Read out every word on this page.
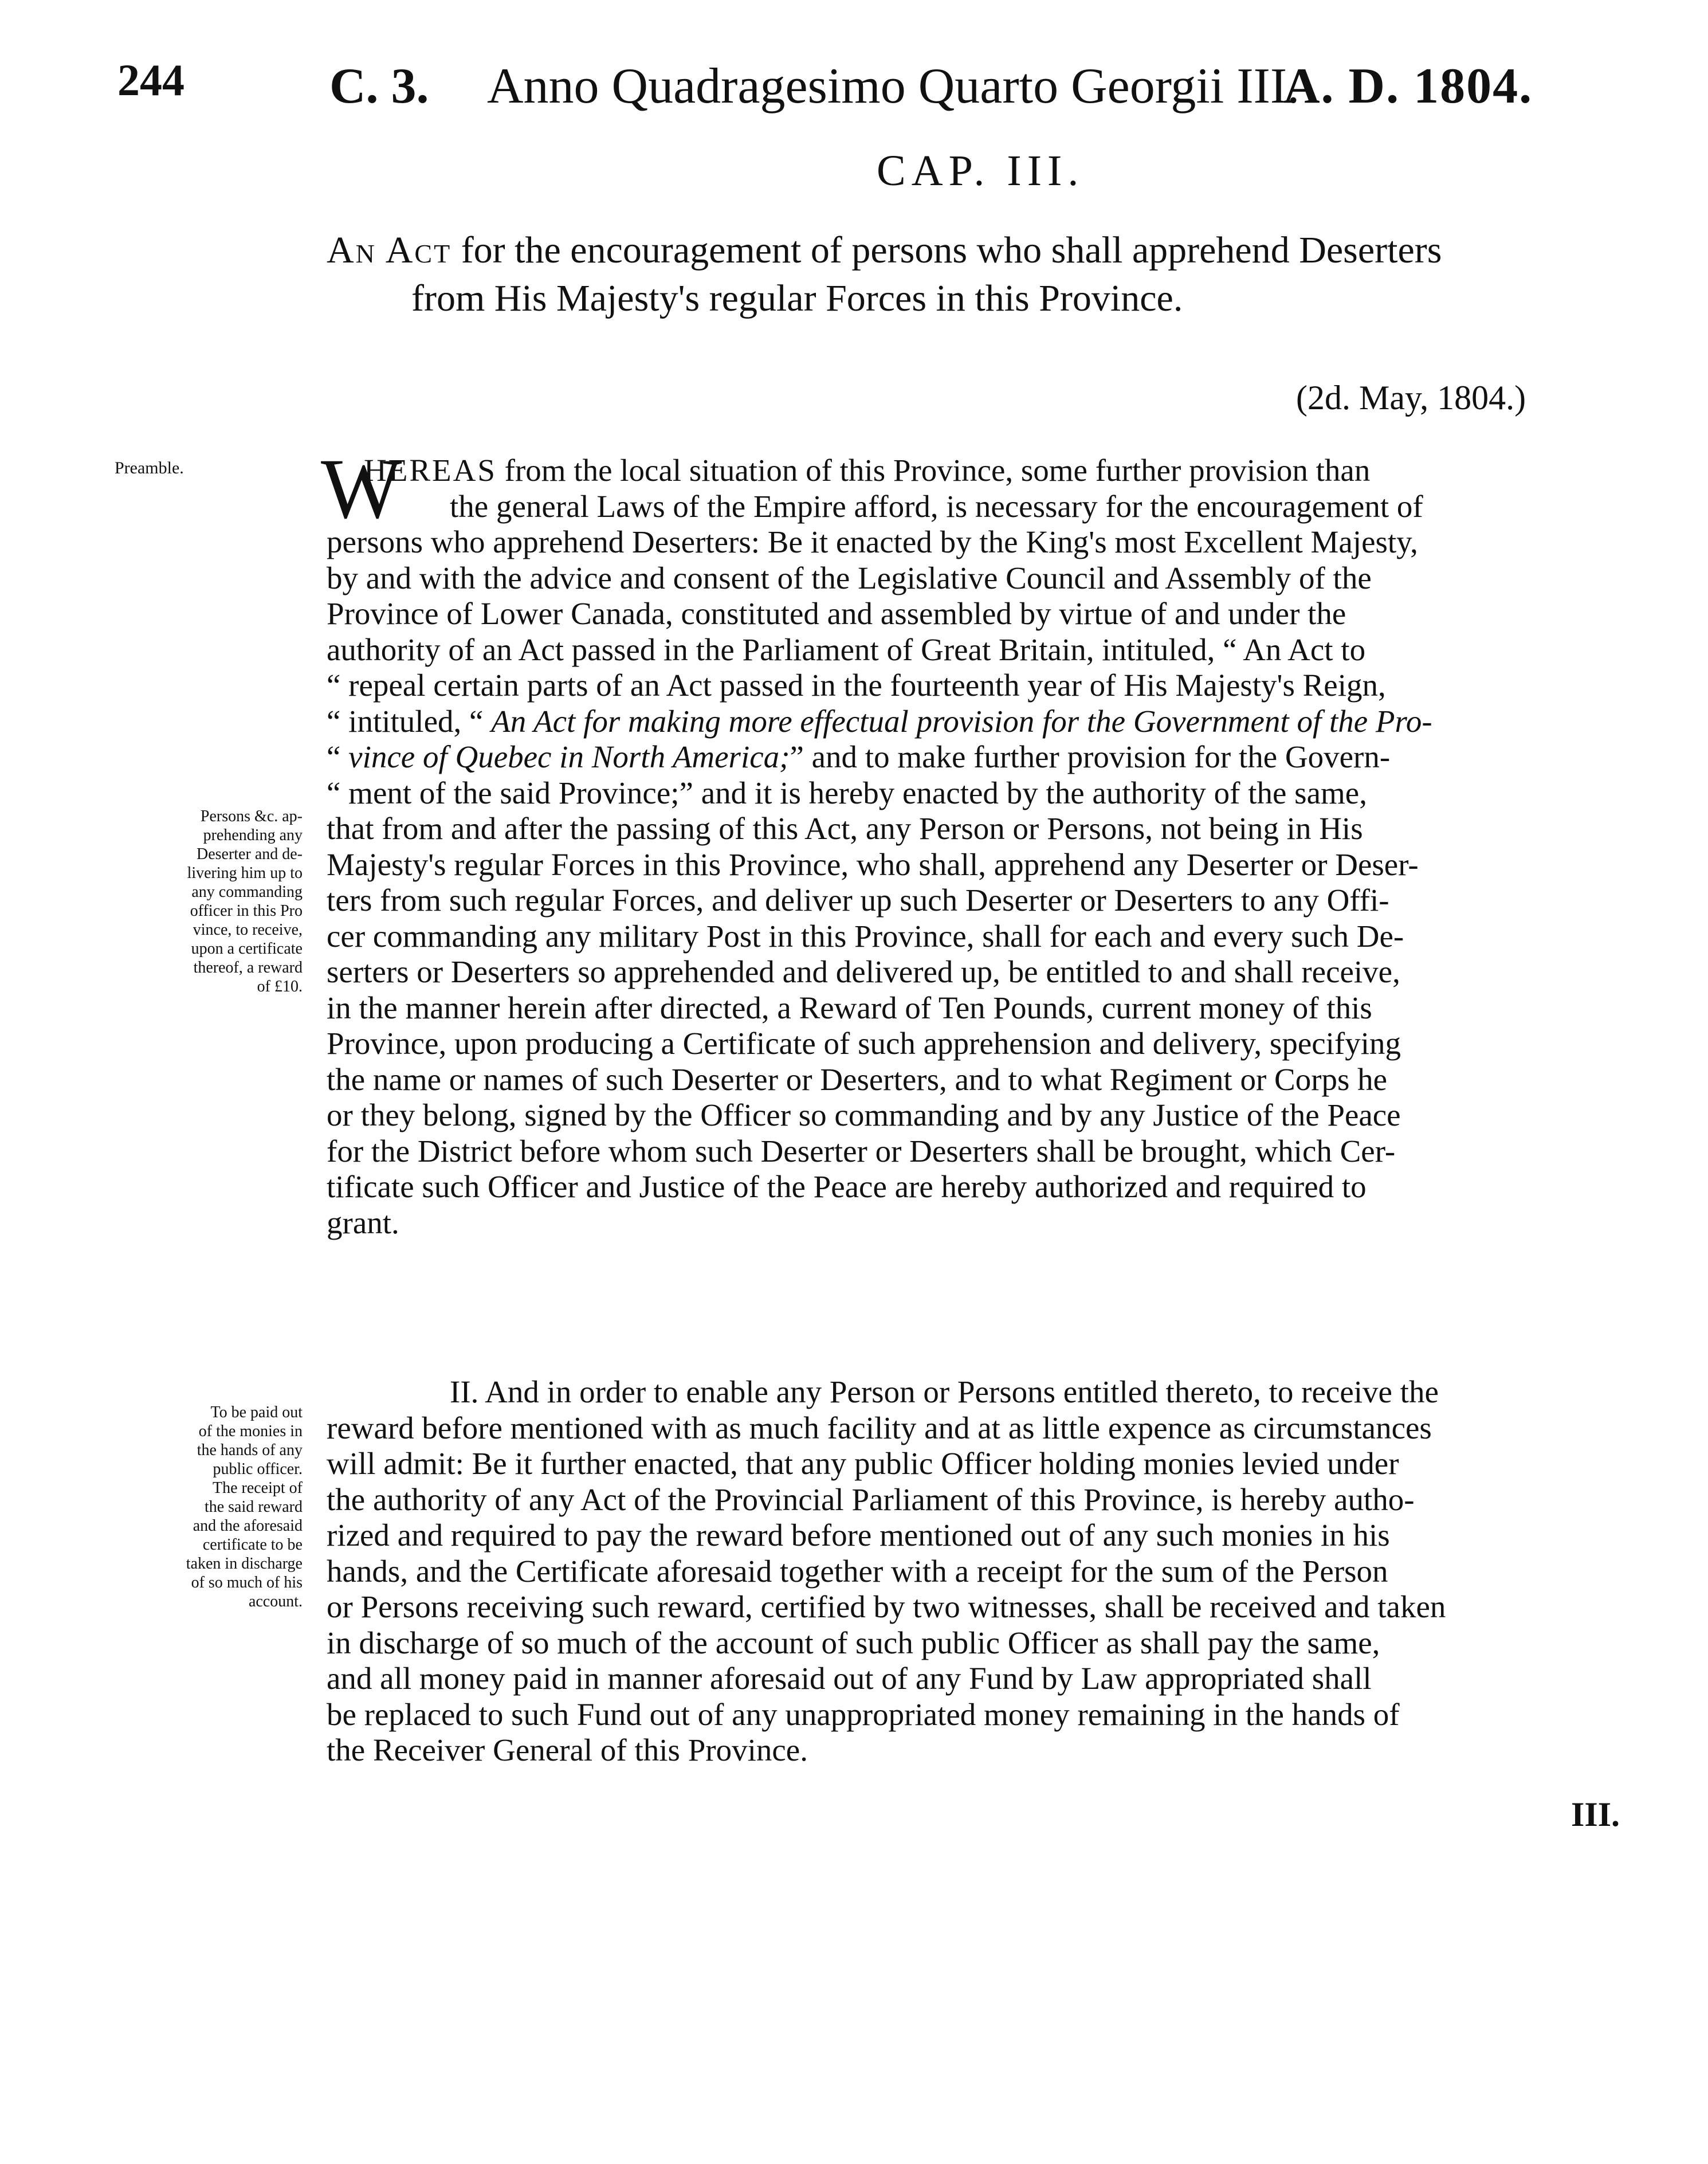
244	C. 3. Anno Quadragesimo Quarto Georgii III.
A. D. 1804.
CAP. III.
An Act for the encouragement of persons who shall apprehend Deserters
from His Majesty's regular Forces in this Province.
(2d. May, 1804.)
Preamble.
Persons &c. ap-
prehending any
Deserter and de-
livering him up to
any commanding
officer in this Pro
vince, to receive,
upon a certificate
thereof, a reward
of £10.
To be paid out
of the monies in
the hands of any
public officer.
The receipt of
the said reward
and the aforesaid
certificate to be
taken in discharge
of so much of his
account.
W
HEREAS from the local situation of this Province, some further provision than
the general Laws of the Empire afford, is necessary for the encouragement of
persons who apprehend Deserters: Be it enacted by the King's most Excellent Majesty,
by and with the advice and consent of the Legislative Council and Assembly of the
Province of Lower Canada, constituted and assembled by virtue of and under the
authority of an Act passed in the Parliament of Great Britain, intituled, “ An Act to
“ repeal certain parts of an Act passed in the fourteenth year of His Majesty's Reign,
“ intituled, “ An Act for making more effectual provision for the Government of the Pro-
“ vince of Quebec in North America;” and to make further provision for the Govern-
“ ment of the said Province;” and it is hereby enacted by the authority of the same,
that from and after the passing of this Act, any Person or Persons, not being in His
Majesty's regular Forces in this Province, who shall, apprehend any Deserter or Deser-
ters from such regular Forces, and deliver up such Deserter or Deserters to any Offi-
cer commanding any military Post in this Province, shall for each and every such De-
serters or Deserters so apprehended and delivered up, be entitled to and shall receive,
in the manner herein after directed, a Reward of Ten Pounds, current money of this
Province, upon producing a Certificate of such apprehension and delivery, specifying
the name or names of such Deserter or Deserters, and to what Regiment or Corps he
or they belong, signed by the Officer so commanding and by any Justice of the Peace
for the District before whom such Deserter or Deserters shall be brought, which Cer-
tificate such Officer and Justice of the Peace are hereby authorized and required to
grant.
II. And in order to enable any Person or Persons entitled thereto, to receive the
reward before mentioned with as much facility and at as little expence as circumstances
will admit: Be it further enacted, that any public Officer holding monies levied under
the authority of any Act of the Provincial Parliament of this Province, is hereby autho-
rized and required to pay the reward before mentioned out of any such monies in his
hands, and the Certificate aforesaid together with a receipt for the sum of the Person
or Persons receiving such reward, certified by two witnesses, shall be received and taken
in discharge of so much of the account of such public Officer as shall pay the same,
and all money paid in manner aforesaid out of any Fund by Law appropriated shall
be replaced to such Fund out of any unappropriated money remaining in the hands of
the Receiver General of this Province.
III.
